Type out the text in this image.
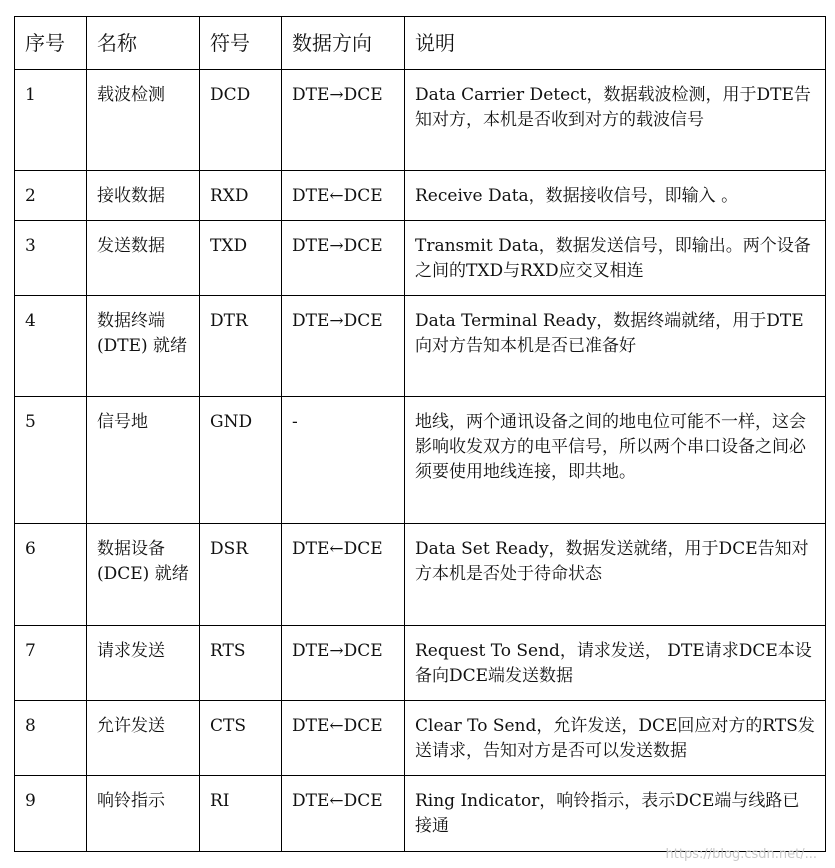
序号	名称	符号	数据方向	说明
1	载波检测	DCD	DTE→DCE	Data Carrier Detect，数据载波检测，用于DTE告知对方，本机是否收到对方的载波信号
2	接收数据	RXD	DTE←DCE	Receive Data，数据接收信号，即输入 。
3	发送数据	TXD	DTE→DCE	Transmit Data，数据发送信号，即输出。两个设备之间的TXD与RXD应交叉相连
4	数据终端(DTE) 就绪	DTR	DTE→DCE	Data Terminal Ready，数据终端就绪，用于DTE向对方告知本机是否已准备好
5	信号地	GND	-	地线，两个通讯设备之间的地电位可能不一样，这会影响收发双方的电平信号，所以两个串口设备之间必须要使用地线连接，即共地。
6	数据设备(DCE) 就绪	DSR	DTE←DCE	Data Set Ready，数据发送就绪，用于DCE告知对方本机是否处于待命状态
7	请求发送	RTS	DTE→DCE	Request To Send，请求发送， DTE请求DCE本设备向DCE端发送数据
8	允许发送	CTS	DTE←DCE	Clear To Send，允许发送，DCE回应对方的RTS发送请求，告知对方是否可以发送数据
9	响铃指示	RI	DTE←DCE	Ring Indicator，响铃指示，表示DCE端与线路已接通
https://blog.csdn.net/...
